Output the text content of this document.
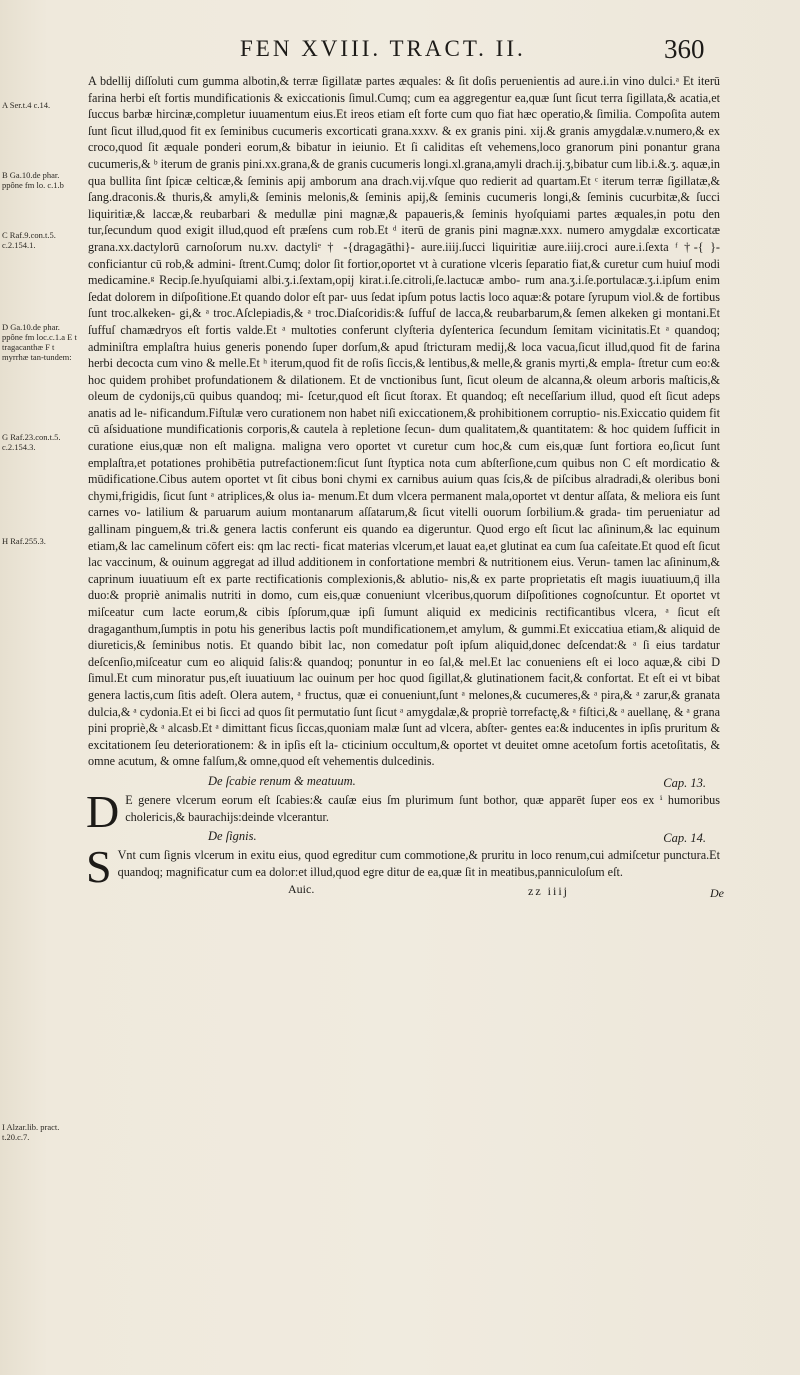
FEN XVIII. TRACT. II.	360
A Ser.t.4 c.14.
B Ga.10.de phar. ppône fm lo. c.1.b
C Raf.9.con.t.5. c.2.154.1.
D Ga.10.de phar. ppône fm loc.c.1.a E t tragacanthæ F t myrrhæ tan-tundem:
G Raf.23.con.t.5. c.2.154.3.
H Raf.255.3.
I Alzar.lib. pract. t.20.c.7.

A bdellij diſſoluti cum gumma albotin,& terræ ſigillatæ partes æquales: & ſit doſis peruenientis ad aure.i.in vino dulci.ᵃ Et iterū farina herbi eſt fortis mundificationis & exiccationis ſimul.Cumq; cum ea aggregentur ea,quæ ſunt ſicut terra ſigillata,& acatia,et ſuccus barbæ hircinæ,completur iuuamentum eius.Et ireos etiam eſt forte cum quo fiat hæc operatio,& ſimilia. Compoſita autem ſunt ſicut illud,quod fit ex ſeminibus cucumeris excorticati grana.xxxv. & ex granis pini. xij.& granis amygdalæ.v.numero,& ex croco,quod ſit æquale ponderi eorum,& bibatur in ieiunio. Et ſi caliditas eſt vehemens,loco granorum pini ponantur grana cucumeris,& ᵇ iterum de granis pini.xx.grana,& de granis cucumeris longi.xl.grana,amyli drach.ij.ʒ,bibatur cum lib.i.&.ʒ. aquæ,in qua bullita ſint ſpicæ celticæ,& ſeminis apij amborum ana drach.vij.vſque quo redierit ad quartam.Et ᶜ iterum terræ ſigillatæ,& ſang.draconis.& thuris,& amyli,& ſeminis melonis,& ſeminis apij,& ſeminis cucumeris longi,& ſeminis cucurbitæ,& ſucci liquiritiæ,& laccæ,& reubarbari & medullæ pini magnæ,& papaueris,& ſeminis hyoſquiami partes æquales,in potu den tur,ſecundum quod exigit illud,quod eſt præſens cum rob.Et ᵈ iterū de granis pini magnæ.xxx. numero amygdalæ excorticatæ grana.xx.dactylorū carnoſorum nu.xv. dactyliᵉ † -{dragagāthi}- aure.iiij.ſucci liquiritiæ aure.iiij.croci aure.i.ſexta ᶠ †-{ }-conficiantur cū rob,& admini- ſtrent.Cumq; dolor ſit fortior,oportet vt à curatione vlceris ſeparatio fiat,& curetur cum huiuſ modi medicamine.ᵍ Recip.ſe.hyuſquiami albi.ʒ.i.ſextam,opij kirat.i.ſe.citroli,ſe.lactucæ ambo- rum ana.ʒ.i.ſe.portulacæ.ʒ.i.ipſum enim ſedat dolorem in diſpoſitione.Et quando dolor eſt par- uus ſedat ipſum potus lactis loco aquæ:& potare ſyrupum viol.& de fortibus ſunt troc.alkeken- gi,& ᵃ troc.Aſclepiadis,& ᵃ troc.Diaſcoridis:& ſuffuſ de lacca,& reubarbarum,& ſemen alkeken gi montani.Et ſuffuſ chamædryos eſt fortis valde.Et ᵃ multoties conferunt clyſteria dyſenterica ſecundum ſemitam vicinitatis.Et ᵃ quandoq; adminiſtra emplaſtra huius generis ponendo ſuper dorſum,& apud ſtricturam medij,& loca vacua,ſicut illud,quod fit de farina herbi decocta cum vino & melle.Et ʰ iterum,quod fit de roſis ſiccis,& lentibus,& melle,& granis myrti,& empla- ſtretur cum eo:& hoc quidem prohibet profundationem & dilationem. Et de vnctionibus ſunt, ſicut oleum de alcanna,& oleum arboris maſticis,& oleum de cydonijs,cū quibus quandoq; mi- ſcetur,quod eſt ſicut ſtorax. Et quandoq; eſt neceſſarium illud, quod eſt ſicut adeps anatis ad le- nificandum.Fiſtulæ vero curationem non habet niſi exiccationem,& prohibitionem corruptio- nis.Exiccatio quidem fit cū aſsiduatione mundificationis corporis,& cautela à repletione ſecun- dum qualitatem,& quantitatem: & hoc quidem ſufficit in curatione eius,quæ non eſt maligna. maligna vero oportet vt curetur cum hoc,& cum eis,quæ ſunt fortiora eo,ſicut ſunt emplaſtra,et potationes prohibētia putrefactionem:ſicut ſunt ſtyptica nota cum abſterſione,cum quibus non C eſt mordicatio & mūdificatione.Cibus autem oportet vt ſit cibus boni chymi ex carnibus auium quas ſcis,& de piſcibus alradradi,& oleribus boni chymi,frigidis, ſicut ſunt ᵃ atriplices,& olus ia- menum.Et dum vlcera permanent mala,oportet vt dentur aſſata, & meliora eis ſunt carnes vo- latilium & paruarum auium montanarum aſſatarum,& ſicut vitelli ouorum ſorbilium.& grada- tim perueniatur ad gallinam pinguem,& tri.& genera lactis conferunt eis quando ea digeruntur. Quod ergo eſt ſicut lac aſininum,& lac equinum etiam,& lac camelinum cōfert eis: qm lac recti- ficat materias vlcerum,et lauat ea,et glutinat ea cum ſua caſeitate.Et quod eſt ſicut lac vaccinum, & ouinum aggregat ad illud additionem in confortatione membri & nutritionem eius. Verun- tamen lac aſininum,& caprinum iuuatiuum eſt ex parte rectificationis complexionis,& ablutio- nis,& ex parte proprietatis eſt magis iuuatiuum,q̄ illa duo:& propriè animalis nutriti in domo, cum eis,quæ conueniunt vlceribus,quorum diſpoſitiones cognoſcuntur. Et oportet vt miſceatur cum lacte eorum,& cibis ſpſorum,quæ ipſi ſumunt aliquid ex medicinis rectificantibus vlcera, ᵃ ſicut eſt dragaganthum,ſumptis in potu his generibus lactis poſt mundificationem,et amylum, & gummi.Et exiccatiua etiam,& aliquid de diureticis,& ſeminibus notis. Et quando bibit lac, non comedatur poſt ipſum aliquid,donec deſcendat:& ᵃ ſi eius tardatur deſcenſio,miſceatur cum eo aliquid ſalis:& quandoq; ponuntur in eo ſal,& mel.Et lac conueniens eſt ei loco aquæ,& cibi D ſimul.Et cum minoratur pus,eſt iuuatiuum lac ouinum per hoc quod ſigillat,& glutinationem facit,& confortat. Et eſt ei vt bibat genera lactis,cum ſitis adeſt. Olera autem, ᵃ fructus, quæ ei conueniunt,ſunt ᵃ melones,& cucumeres,& ᵃ pira,& ᵃ zarur,& granata dulcia,& ᵃ cydonia.Et ei bi ſicci ad quos ſit permutatio ſunt ſicut ᵃ amygdalæ,& propriè torrefactę,& ᵃ fiſtici,& ᵃ auellanę, & ᵃ grana pini propriè,& ᵃ alcasb.Et ᵃ dimittant ficus ſiccas,quoniam malæ ſunt ad vlcera, abſter- gentes ea:& inducentes in ipſis pruritum & excitationem ſeu deteriorationem: & in ipſis eſt la- cticinium occultum,& oportet vt deuitet omne acetoſum fortis acetoſitatis, & omne acutum, & omne falſum,& omne,quod eſt vehementis dulcedinis.

De ſcabie renum & meatuum.	Cap. 13.

D E genere vlcerum eorum eſt ſcabies:& cauſæ eius ſm plurimum ſunt bothor, quæ apparēt ſuper eos ex ⁱ humoribus cholericis,& baurachijs:deinde vlcerantur.

De ſignis.	Cap. 14.

S Vnt cum ſignis vlcerum in exitu eius, quod egreditur cum commotione,& pruritu in loco renum,cui admiſcetur punctura.Et quandoq; magnificatur cum ea dolor:et illud,quod egre ditur de ea,quæ ſit in meatibus,panniculoſum eſt.

Auic.	zz iiij	De
